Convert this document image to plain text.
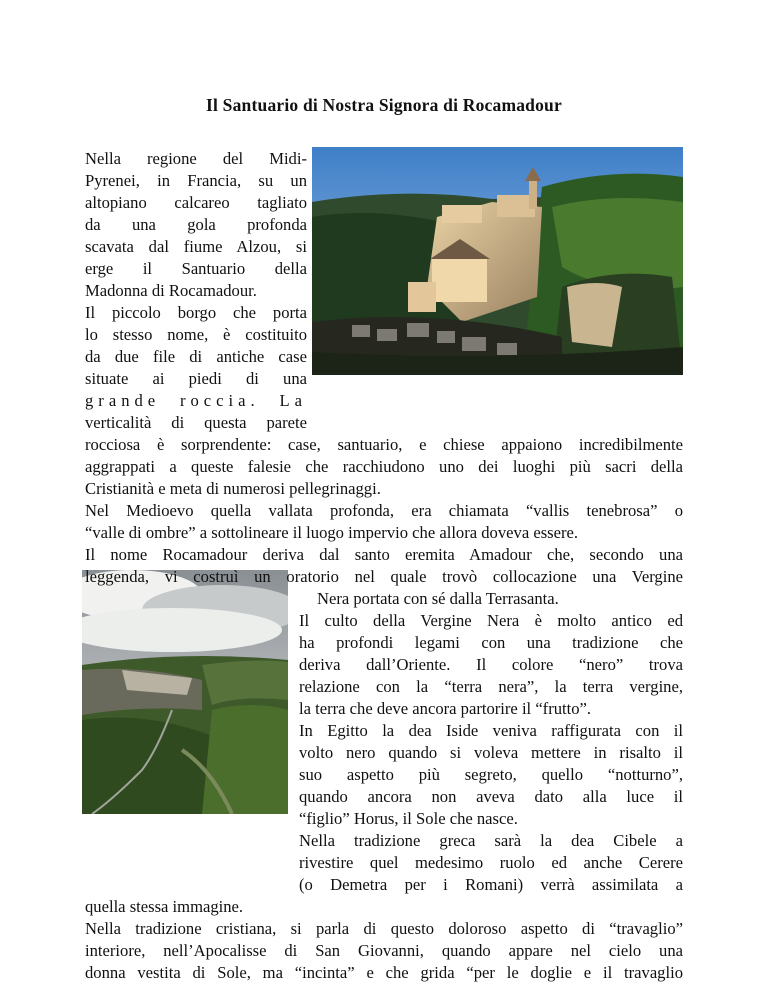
Il Santuario di Nostra Signora di Rocamadour
Nella regione del Midi-
Pyrenei, in Francia, su un
altopiano calcareo tagliato
da una gola profonda
scavata dal fiume Alzou, si
erge il Santuario della
Madonna di Rocamadour.
Il piccolo borgo che porta
lo stesso nome, è costituito
da due file di antiche case
situate ai piedi di una
grande roccia. La
verticalità di questa parete
rocciosa è sorprendente: case, santuario, e chiese appaiono incredibilmente
aggrappati a queste falesie che racchiudono uno dei luoghi più sacri della
Cristianità e meta di numerosi pellegrinaggi.
Nel Medioevo quella vallata profonda, era chiamata “vallis tenebrosa” o
“valle di ombre” a sottolineare il luogo impervio che allora doveva essere.
Il nome Rocamadour deriva dal santo eremita Amadour che, secondo una
leggenda, vi costruì un oratorio nel quale trovò collocazione una Vergine
Nera portata con sé dalla Terrasanta.
Il culto della Vergine Nera è molto antico ed
ha profondi legami con una tradizione che
deriva dall’Oriente. Il colore “nero” trova
relazione con la “terra nera”, la terra vergine,
la terra che deve ancora partorire il “frutto”.
In Egitto la dea Iside veniva raffigurata con il
volto nero quando si voleva mettere in risalto il
suo aspetto più segreto, quello “notturno”,
quando ancora non aveva dato alla luce il
“figlio” Horus, il Sole che nasce.
Nella tradizione greca sarà la dea Cibele a
rivestire quel medesimo ruolo ed anche Cerere
(o Demetra per i Romani) verrà assimilata a
quella stessa immagine.
Nella tradizione cristiana, si parla di questo doloroso aspetto di “travaglio”
interiore, nell’Apocalisse di San Giovanni, quando appare nel cielo una
donna vestita di Sole, ma “incinta” e che grida “per le doglie e il travaglio
